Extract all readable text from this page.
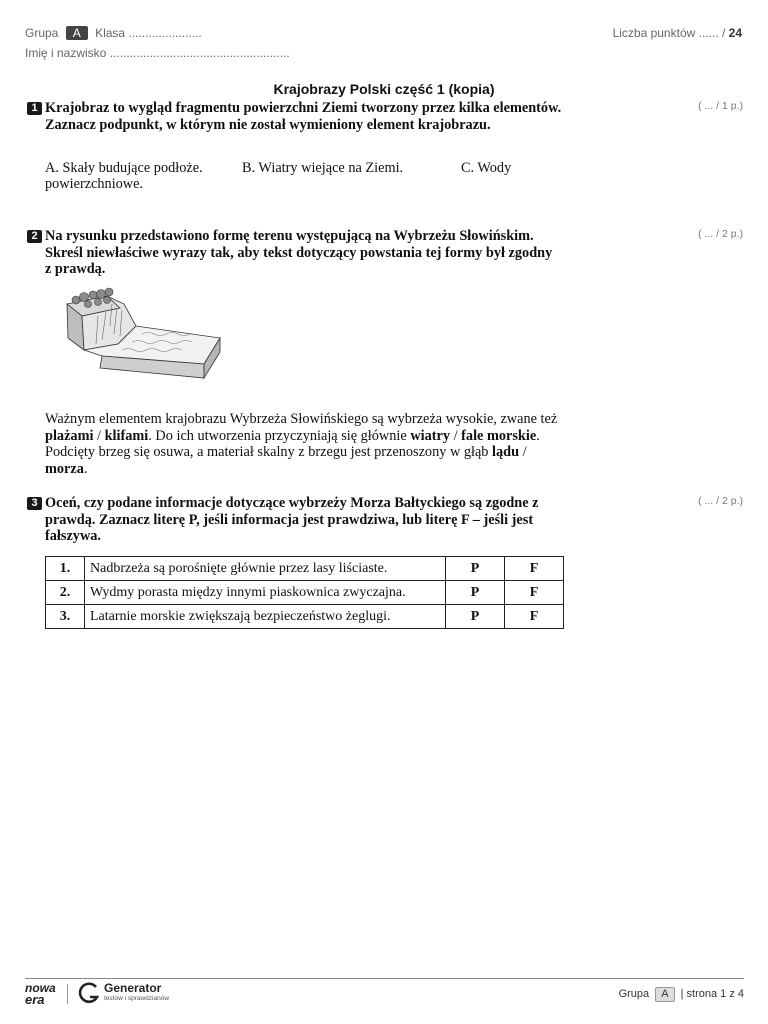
Grupa A Klasa ......................
Imię i nazwisko ......................................................
Liczba punktów ...... / 24
Krajobrazy Polski część 1 (kopia)
1 Krajobraz to wygląd fragmentu powierzchni Ziemi tworzony przez kilka elementów.
Zaznacz podpunkt, w którym nie został wymieniony element krajobrazu.
( ... / 1 p.)
A. Skały budujące podłoże.	B. Wiatry wiejące na Ziemi.	C. Wody
powierzchniowe.
2 Na rysunku przedstawiono formę terenu występującą na Wybrzeżu Słowińskim.
Skreśl niewłaściwe wyrazy tak, aby tekst dotyczący powstania tej formy był zgodny
z prawdą.
( ... / 2 p.)
Ważnym elementem krajobrazu Wybrzeża Słowińskiego są wybrzeża wysokie, zwane też
plażami / klifami. Do ich utworzenia przyczyniają się głównie wiatry / fale morskie.
Podcięty brzeg się osuwa, a materiał skalny z brzegu jest przenoszony w głąb lądu /
morza.
3 Oceń, czy podane informacje dotyczące wybrzeży Morza Bałtyckiego są zgodne z
prawdą. Zaznacz literę P, jeśli informacja jest prawdziwa, lub literę F – jeśli jest
fałszywa.
( ... / 2 p.)
1.	Nadbrzeża są porośnięte głównie przez lasy liściaste.	P	F
2.	Wydmy porasta między innymi piaskownica zwyczajna.	P	F
3.	Latarnie morskie zwiększają bezpieczeństwo żeglugi.	P	F
nowa
era
Generator
testów i sprawdzianów	Grupa A | strona 1 z 4
